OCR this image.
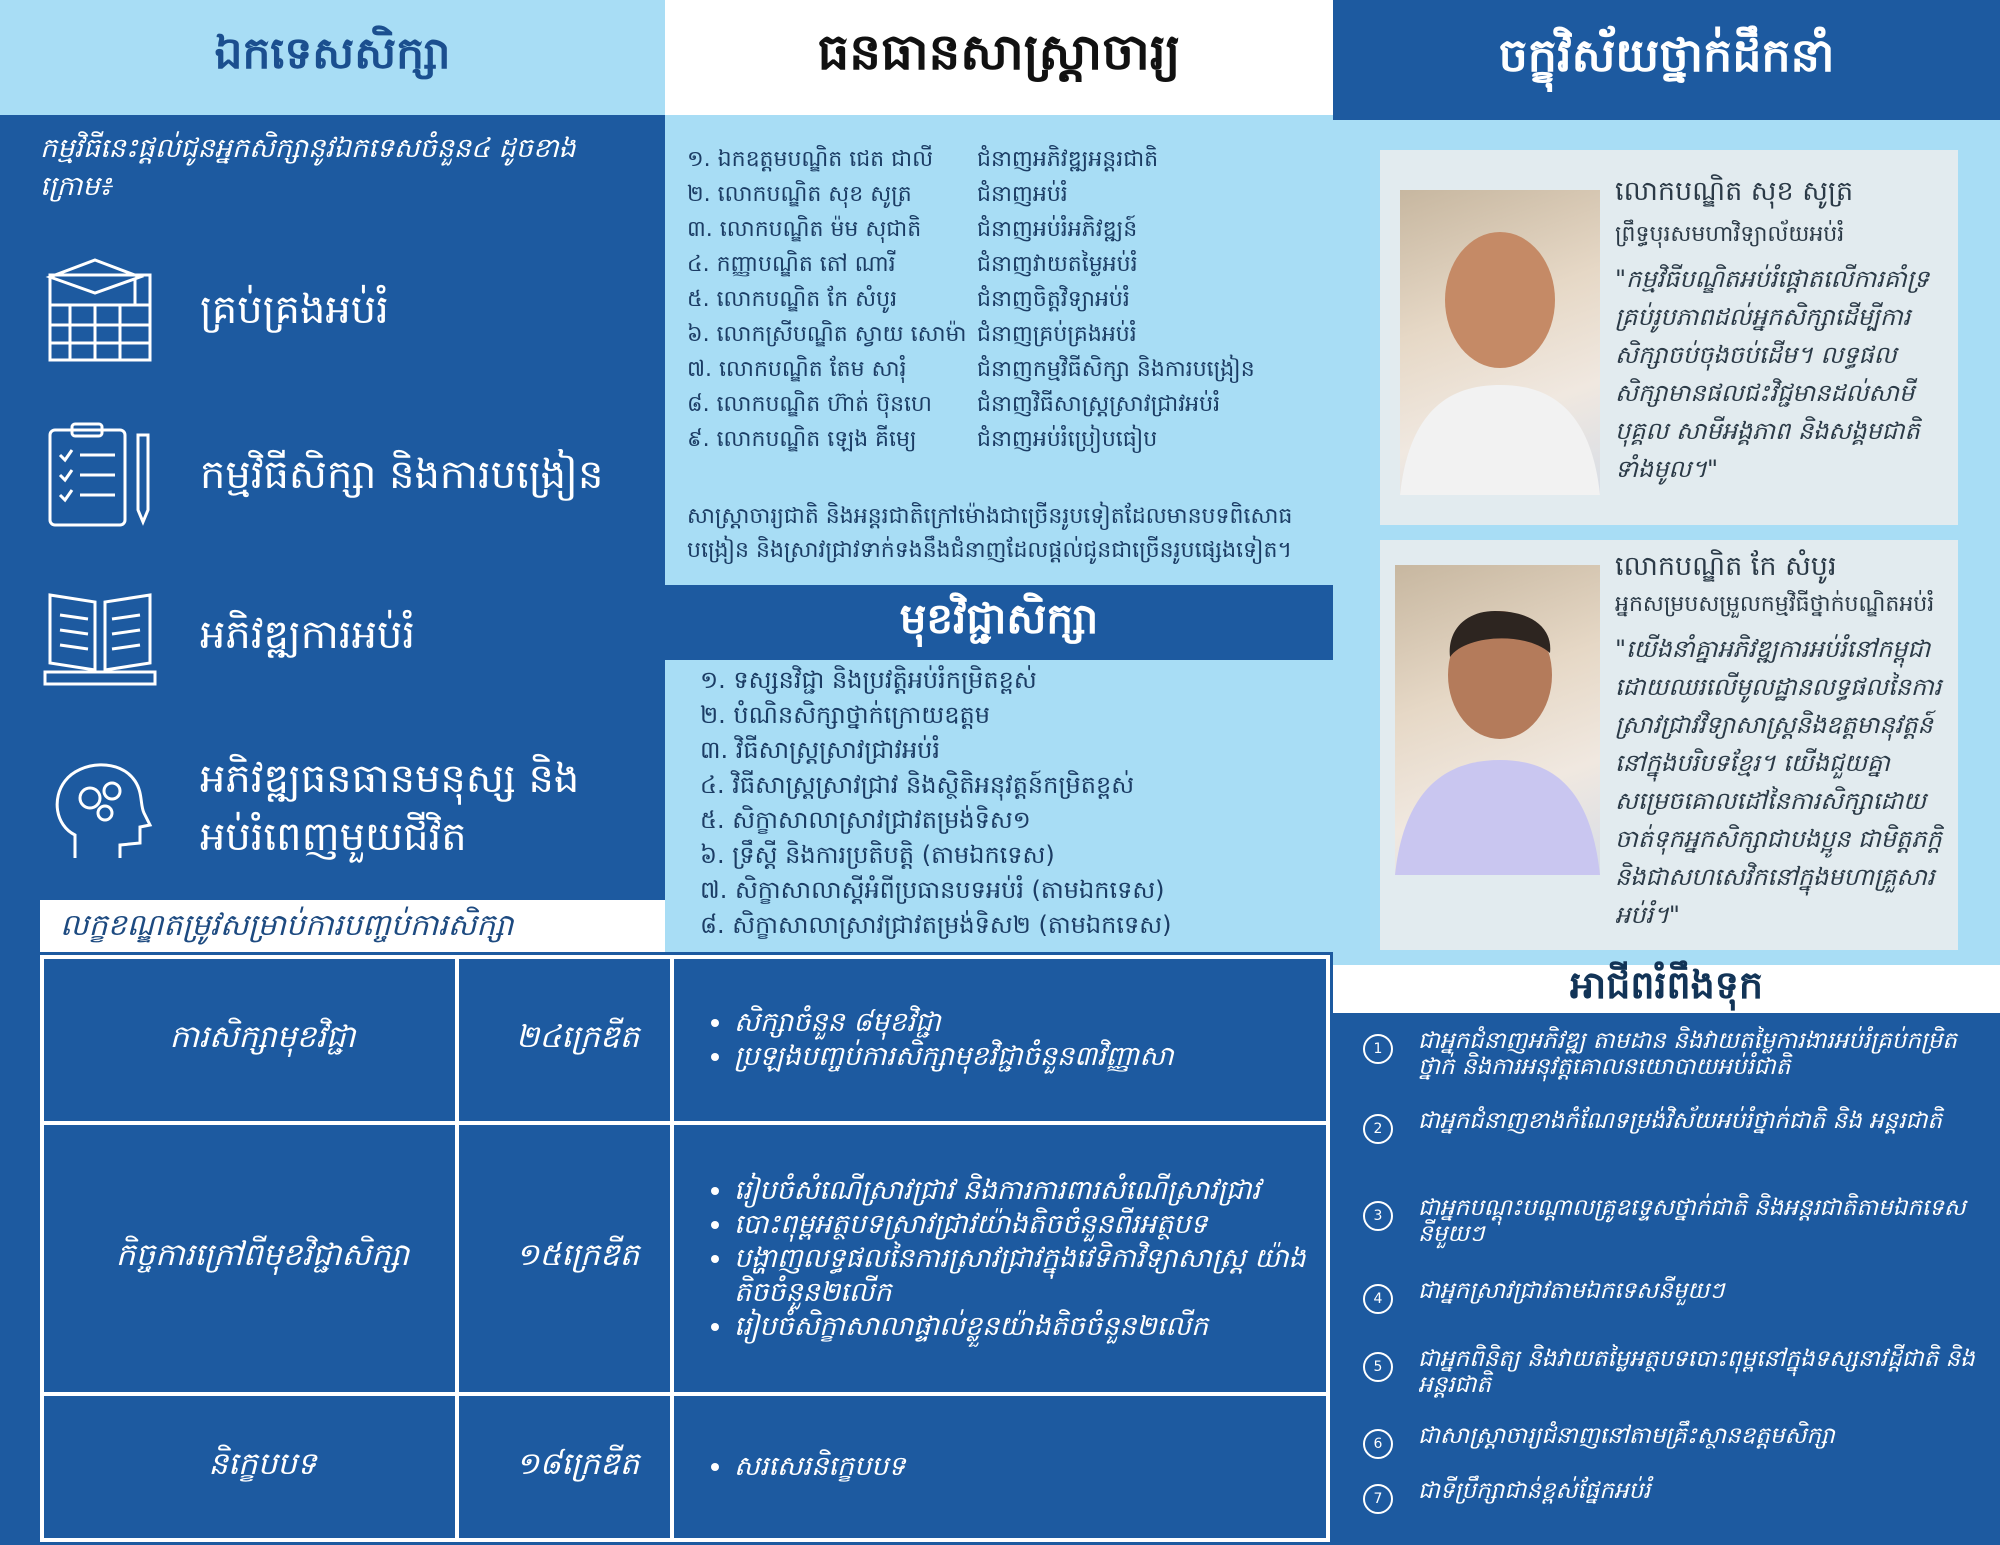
ឯកទេសសិក្សា
កម្មវិធីនេះផ្តល់ជូនអ្នកសិក្សានូវឯកទេសចំនួន៤ ដូចខាងក្រោម៖
គ្រប់គ្រងអប់រំ
កម្មវិធីសិក្សា និងការបង្រៀន
អភិវឌ្ឍការអប់រំ
អភិវឌ្ឍធនធានមនុស្ស និង អប់រំពេញមួយជីវិត
លក្ខខណ្ឌតម្រូវសម្រាប់ការបញ្ចប់ការសិក្សា
ការសិក្សាមុខវិជ្ជា	២៤ក្រេឌីត	• សិក្សាចំនួន ៨មុខវិជ្ជា
• ប្រឡងបញ្ចប់ការសិក្សាមុខវិជ្ជាចំនួន៣វិញ្ញាសា
កិច្ចការក្រៅពីមុខវិជ្ជាសិក្សា	១៥ក្រេឌីត
• រៀបចំសំណើស្រាវជ្រាវ និងការការពារសំណើស្រាវជ្រាវ
• បោះពុម្ពអត្ថបទស្រាវជ្រាវយ៉ាងតិចចំនួនពីរអត្ថបទ
• បង្ហាញលទ្ធផលនៃការស្រាវជ្រាវក្នុងវេទិកាវិទ្យាសាស្ត្រ យ៉ាងតិចចំនួន២លើក
• រៀបចំសិក្ខាសាលាផ្ទាល់ខ្លួនយ៉ាងតិចចំនួន២លើក
និក្ខេបបទ	១៨ក្រេឌីត	• សរសេរនិក្ខេបបទ
ធនធានសាស្ត្រាចារ្យ
១. ឯកឧត្តមបណ្ឌិត ជេត ជាលី ជំនាញអភិវឌ្ឍអន្តរជាតិ
២. លោកបណ្ឌិត សុខ សូត្រ	ជំនាញអប់រំ
៣. លោកបណ្ឌិត ម៉ម សុជាតិ	ជំនាញអប់រំអភិវឌ្ឍន៍
៤. កញ្ញាបណ្ឌិត តៅ ណារី	ជំនាញវាយតម្លៃអប់រំ
៥. លោកបណ្ឌិត កែ សំបូរ	ជំនាញចិត្តវិទ្យាអប់រំ
៦. លោកស្រីបណ្ឌិត ស្វាយ សោម៉ា ជំនាញគ្រប់គ្រងអប់រំ
៧. លោកបណ្ឌិត តែម សារុំ	ជំនាញកម្មវិធីសិក្សា និងការបង្រៀន
៨. លោកបណ្ឌិត ហ៊ាត់ ប៊ុនហេ ជំនាញវិធីសាស្ត្រស្រាវជ្រាវអប់រំ
៩. លោកបណ្ឌិត ឡេង គីម្យេ	ជំនាញអប់រំប្រៀបធៀប
សាស្ត្រាចារ្យជាតិ និងអន្តរជាតិក្រៅម៉ោងជាច្រើនរូបទៀតដែលមានបទពិសោធបង្រៀន និងស្រាវជ្រាវទាក់ទងនឹងជំនាញដែលផ្តល់ជូនជាច្រើនរូបផ្សេងទៀត។
មុខវិជ្ជាសិក្សា
១. ទស្សនវិជ្ជា និងប្រវត្តិអប់រំកម្រិតខ្ពស់
២. បំណិនសិក្សាថ្នាក់ក្រោយឧត្តម
៣. វិធីសាស្ត្រស្រាវជ្រាវអប់រំ
៤. វិធីសាស្ត្រស្រាវជ្រាវ និងស្ថិតិអនុវត្តន៍កម្រិតខ្ពស់
៥. សិក្ខាសាលាស្រាវជ្រាវតម្រង់ទិស១
៦. ទ្រឹស្តី និងការប្រតិបត្តិ (តាមឯកទេស)
៧. សិក្ខាសាលាស្តីអំពីប្រធានបទអប់រំ (តាមឯកទេស)
៨. សិក្ខាសាលាស្រាវជ្រាវតម្រង់ទិស២ (តាមឯកទេស)
ចក្ខុវិស័យថ្នាក់ដឹកនាំ
លោកបណ្ឌិត សុខ សូត្រ
ព្រឹទ្ធបុរសមហាវិទ្យាល័យអប់រំ
"កម្មវិធីបណ្ឌិតអប់រំផ្តោតលើការគាំទ្រគ្រប់រូបភាពដល់អ្នកសិក្សាដើម្បីការសិក្សាចប់ចុងចប់ដើម។ លទ្ធផលសិក្សាមានផលជះវិជ្ជមានដល់សាមីបុគ្គល សាមីអង្គភាព និងសង្គមជាតិទាំងមូល។"
លោកបណ្ឌិត កែ សំបូរ
អ្នកសម្របសម្រួលកម្មវិធីថ្នាក់បណ្ឌិតអប់រំ
"យើងនាំគ្នាអភិវឌ្ឍការអប់រំនៅកម្ពុជាដោយឈរលើមូលដ្ឋានលទ្ធផលនៃការស្រាវជ្រាវវិទ្យាសាស្ត្រនិងឧត្តមានុវត្តន៍នៅក្នុងបរិបទខ្មែរ។ យើងជួយគ្នាសម្រេចគោលដៅនៃការសិក្សាដោយចាត់ទុកអ្នកសិក្សាជាបងប្អូន ជាមិត្តភក្តិ និងជាសហសេវិកនៅក្នុងមហាគ្រួសារអប់រំ។"
អាជីពរំពឹងទុក
1	ជាអ្នកជំនាញអភិវឌ្ឍ តាមដាន និងវាយតម្លៃការងារអប់រំគ្រប់កម្រិតថ្នាក់ និងការអនុវត្តគោលនយោបាយអប់រំជាតិ
2	ជាអ្នកជំនាញខាងកំណែទម្រង់វិស័យអប់រំថ្នាក់ជាតិ និង អន្តរជាតិ
3	ជាអ្នកបណ្តុះបណ្តាលគ្រូឧទ្ទេសថ្នាក់ជាតិ និងអន្តរជាតិតាមឯកទេសនីមួយៗ
4	ជាអ្នកស្រាវជ្រាវតាមឯកទេសនីមួយៗ
5	ជាអ្នកពិនិត្យ និងវាយតម្លៃអត្ថបទបោះពុម្ពនៅក្នុងទស្សនាវដ្តីជាតិ និងអន្តរជាតិ
6	ជាសាស្ត្រាចារ្យជំនាញនៅតាមគ្រឹះស្ថានឧត្តមសិក្សា
7	ជាទីប្រឹក្សាជាន់ខ្ពស់ផ្នែកអប់រំ
